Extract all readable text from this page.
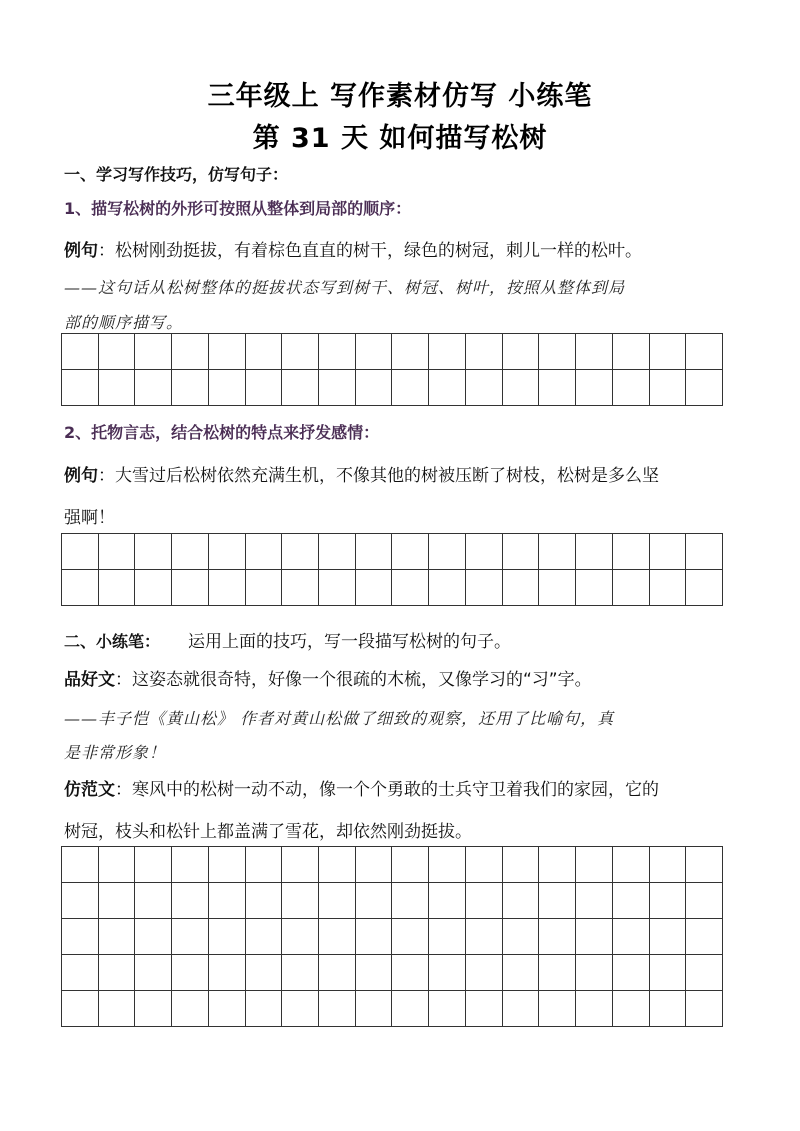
三年级上 写作素材仿写 小练笔
第 31 天 如何描写松树
一、学习写作技巧，仿写句子：
1、描写松树的外形可按照从整体到局部的顺序：
例句：松树刚劲挺拔，有着棕色直直的树干，绿色的树冠，刺儿一样的松叶。
——这句话从松树整体的挺拔状态写到树干、树冠、树叶，按照从整体到局
部的顺序描写。

2、托物言志，结合松树的特点来抒发感情：
例句：大雪过后松树依然充满生机，不像其他的树被压断了树枝，松树是多么坚
强啊！

二、小练笔： 运用上面的技巧，写一段描写松树的句子。
品好文：这姿态就很奇特，好像一个很疏的木梳，又像学习的“习”字。
——丰子恺《黄山松》 作者对黄山松做了细致的观察，还用了比喻句，真
是非常形象！
仿范文：寒风中的松树一动不动，像一个个勇敢的士兵守卫着我们的家园，它的
树冠，枝头和松针上都盖满了雪花，却依然刚劲挺拔。
